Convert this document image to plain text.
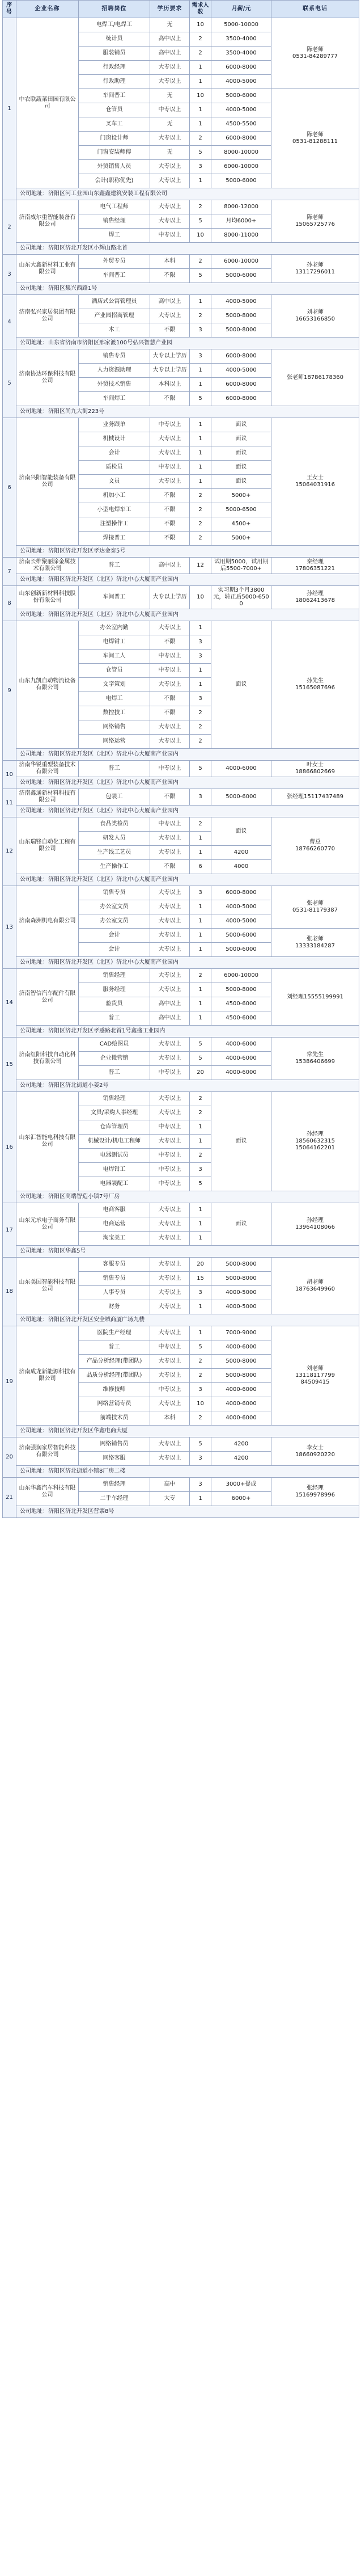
序号	企业名称	招聘岗位	学历要求	需求人数	月薪/元	联系电话
1	中农联蔬菜田园有限公司	电焊工/电焊工	无	10	5000-10000	陈老师
0531-84289777
		统计员	高中以上	2	3500-4000	
		服装销员	高中以上	2	3500-4000	
		行政经理	大专以上	1	6000-8000	
		行政助理	大专以上	1	4000-5000	
		车间普工	无	10	5000-6000	陈老师
0531-81288111
		仓管员	中专以上	1	4000-5000	
		叉车工	无	1	4500-5500	
		门窗设计师	大专以上	2	6000-8000	
		门窗安装师傅	无	5	8000-10000	
		外贸销售人员	大专以上	3	6000-10000	
		会计(职称优先)	大专以上	1	5000-6000	
	公司地址：济阳区河工业园山东鑫鑫建筑安装工程有限公司					
2	济南威尔重智能装备有限公司	电气工程师	大专以上	2	8000-12000	陈老师
15065725776
		销售经理	大专以上	5	月均6000+	
		焊工	中专以上	10	8000-11000	
	公司地址：济阳区济北开发区小辉山路北首					
3	山东大鑫新材料工业有限公司	外贸专员	本科	2	6000-10000	孙老师
13117296011
		车间普工	不限	5	5000-6000	
	公司地址：济阳区集兴西路1号					
4	济南弘兴家居集团有限公司	酒店式公寓管理员	高中以上	1	4000-5000	刘老师
16653166850
		产业园招商管理	大专以上	2	5000-8000	
		木工	不限	3	5000-8000	
	公司地址：山东省济南市济阳区邢家渡100号弘兴智慧产业园					
5	济南协达环保科技有限公司	销售专员	大专以上学历	3	6000-8000	张老师18786178360
		人力资源助理	大专以上学历	1	4000-5000	
		外贸技术销售	本科以上	1	6000-8000	
		车间焊工	不限	5	6000-8000	
	公司地址：济阳区尚九大街223号					
6	济南兴阳智能装备有限公司	业务跟单	中专以上	1	面议	王女士
15064031916
		机械设计	大专以上	1	面议	
		会计	大专以上	1	面议	
		质检员	中专以上	1	面议	
		文员	大专以上	1	面议	
		机加小工	不限	2	5000+	
		小型电焊车工	不限	2	5000-6500	
		注塑操作工	不限	2	4500+	
		焊接普工	不限	2	5000+	
	公司地址：济阳区济北开发区孝达金泰5号					
7	济南长维聚丽涂金属技术有限公司	普工	高中以上	12	试用期5000，试用期后5500-7000+	秦经理
17806351221
	公司地址：济阳区济北开发区（北区）济北中心大厦南产业园内					
8	山东创新新材料科技股份有限公司	车间普工	大专以上学历	10	实习期3个月3800元，转正后5000-6500	孙经理
18062413678
	公司地址：济阳区济北开发区（北区）济北中心大厦南产业园内					
9	山东九凯自动物流设备有限公司	办公室内勤	大专以上	1	面议	孙先生
15165087696
		电焊钳工	不限	3		
		车间工人	中专以上	3		
		仓管员	中专以上	1		
		文字策划	大专以上	1		
		电焊工	不限	3		
		数控技工	不限	2		
		网络销售	大专以上	2		
		网络运营	大专以上	2		
	公司地址：济阳区济北开发区（北区）济北中心大厦南产业园内					
10	济南华锐重型装备技术有限公司	普工	中专以上	5	4000-6000	叶女士
18866802669
	公司地址：济阳区济北开发区（北区）济北中心大厦南产业园内					
11	济南鑫通新材料科技有限公司	包装工	不限	3	5000-6000	张经理15117437489
	公司地址：济阳区济北开发区（北区）济北中心大厦南产业园内					
12	山东瑞锋自动化工程有限公司	食品类检员	中专以上	2	面议	曹总
18766260770
		研发人员	大专以上	1		
		生产线工艺员	大专以上	1	4200	
		生产操作工	不限	6	4000	
	公司地址：济阳区济北开发区（北区）济北中心大厦南产业园内					
13	济南森洲机电有限公司	销售专员	大专以上	3	6000-8000	张老师
0531-81179387
		办公室文员	大专以上	1	4000-5000	
		办公室文员	大专以上	1	4000-5000	
		会计	大专以上	1	5000-6000	张老师
13333184287
		会计	大专以上	1	5000-6000	
	公司地址：济阳区济北开发区（北区）济北中心大厦南产业园内					
14	济南智信汽车配件有限公司	销售经理	大专以上	2	6000-10000	刘经理15555199991
		服务经理	大专以上	1	5000-8000	
		验货员	高中以上	1	4500-6000	
		普工	高中以上	1	4500-6000	
	公司地址：济阳区济北开发区孝感路北首1号鑫盛工业园内					
15	济南红阳科技自动化科技有限公司	CAD绘图员	大专以上	5	4000-6000	常先生
15386406699
		企业微营销	大专以上	5	4000-6000	
		普工	中专以上	20	4000-6000	
	公司地址：济阳区济北街道小姜2号					
16	山东汇智能电科技有限公司	销售经理	大专以上	2	面议	孙经理
18560632315
15064162201
		文员/采购人事经理	大专以上	2		
		仓库管理员	中专以上	1		
		机械设计/机电工程师	大专以上	1		
		电器测试员	中专以上	2		
		电焊钳工	中专以上	3		
		电器装配工	中专以上	5		
	公司地址：济阳区高端智造小镇7号厂房					
17	山东元承电子商务有限公司	电商客服	大专以上	1	面议	孙经理
13964108066
		电商运营	大专以上	1		
		淘宝美工	大专以上	1		
	公司地址：济阳区华鑫5号					
18	山东美国智能科技有限公司	客服专员	大专以上	20	5000-8000	胡老师
18763649960
		销售专员	大专以上	15	5000-8000	
		人事专员	大专以上	3	4000-5000	
		财务	大专以上	1	4000-5000	
	公司地址：济阳区济北开发区安全城商厦广场九楼					
19	济南成龙新能源科技有限公司	医院生产经理	大专以上	1	7000-9000	刘老师
13118117799
84509415
		普工	中专以上	5	4000-6000	
		产品分析经理(带团队)	大专以上	2	5000-8000	
		品质分析经理(带团队)	大专以上	2	5000-8000	
		维修技师	中专以上	3	4000-6000	
		网络营销专员	大专以上	10	4000-6000	
		前端技术员	本科	2	4000-6000	
	公司地址：济阳区济北开发区华鑫电商大厦					
20	济南强润家居智能科技有限公司	网络销售员	大专以上	5	4200	李女士
18660920220
		网络客服	大专以上	3	4200	
	公司地址：济阳区济北街道小镇8厂房二楼					
21	山东华鑫汽车科技有限公司	销售经理	高中	3	3000+提成	张经理
15169978996
		二手车经理	大专	1	6000+	
	公司地址：济阳区济北开发区营寨8号					
